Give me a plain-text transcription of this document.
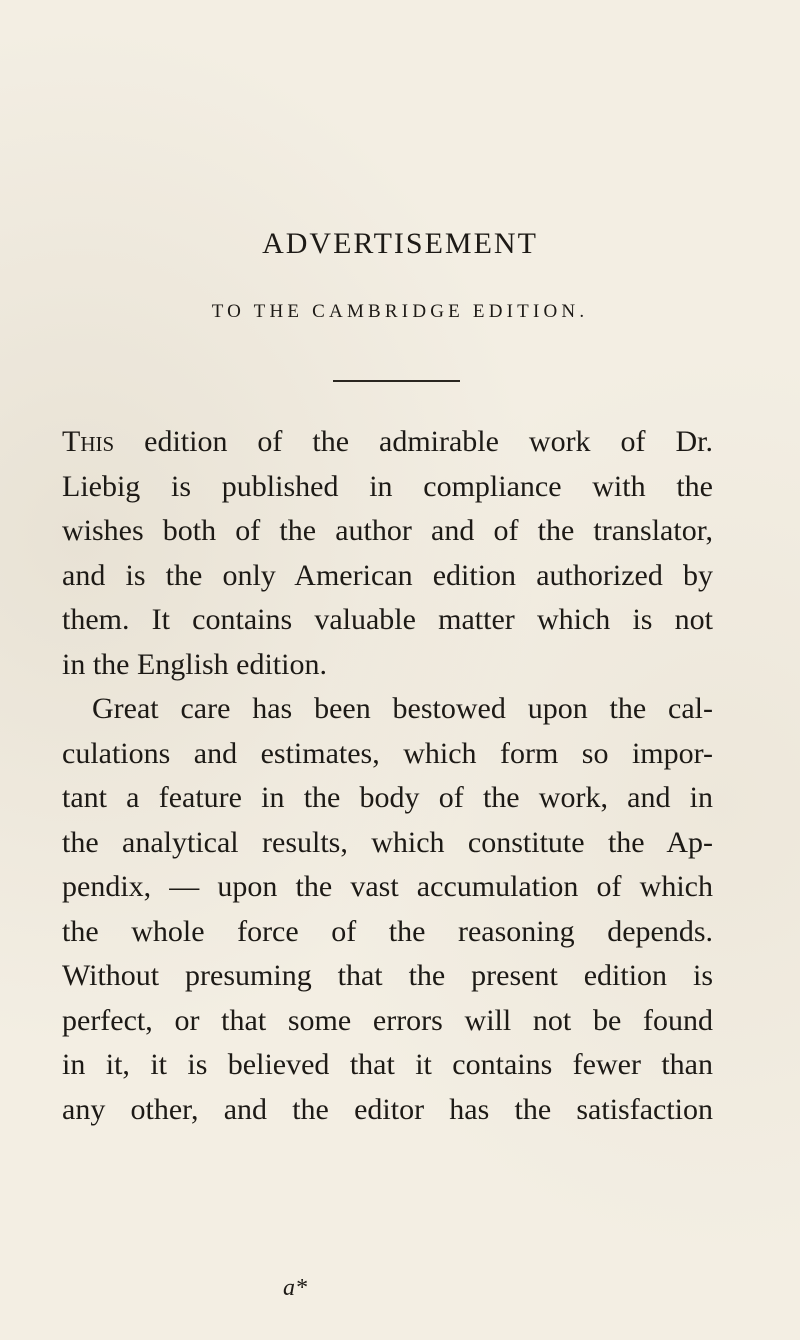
ADVERTISEMENT
TO THE CAMBRIDGE EDITION.
This edition of the admirable work of Dr.
Liebig is published in compliance with the
wishes both of the author and of the translator,
and is the only American edition authorized by
them. It contains valuable matter which is not
in the English edition.
Great care has been bestowed upon the cal-
culations and estimates, which form so impor-
tant a feature in the body of the work, and in
the analytical results, which constitute the Ap-
pendix, — upon the vast accumulation of which
the whole force of the reasoning depends.
Without presuming that the present edition is
perfect, or that some errors will not be found
in it, it is believed that it contains fewer than
any other, and the editor has the satisfaction
a*
